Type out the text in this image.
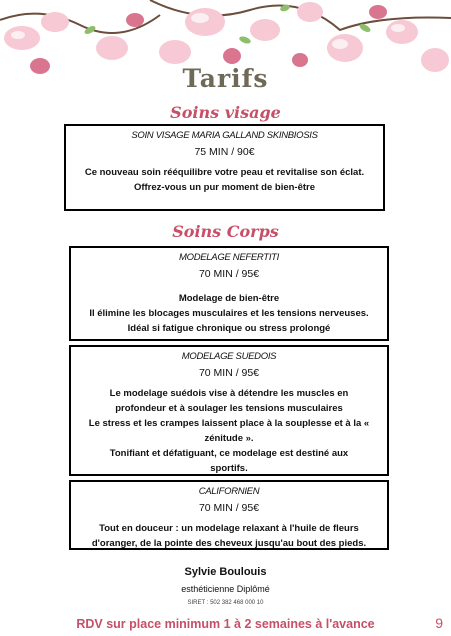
Tarifs
Soins visage
SOIN VISAGE MARIA GALLAND SKINBIOSIS
75 MIN / 90€
Ce nouveau soin rééquilibre votre peau et revitalise son éclat.
Offrez-vous un pur moment de bien-être
Soins Corps
MODELAGE NEFERTITI
70 MIN / 95€
Modelage de bien-être
Il élimine les blocages musculaires et les tensions nerveuses.
Idéal si fatigue chronique ou stress prolongé
MODELAGE SUEDOIS
70 MIN / 95€
Le modelage suédois vise à détendre les muscles en
profondeur et à soulager les tensions musculaires
Le stress et les crampes laissent place à la souplesse et à la «
zénitude ».
Tonifiant et défatiguant, ce modelage est destiné aux
sportifs.
CALIFORNIEN
70 MIN / 95€
Tout en douceur : un modelage relaxant à l'huile de fleurs
d'oranger, de la pointe des cheveux jusqu'au bout des pieds.
Sylvie Boulouis
esthéticienne Diplômé
SIRET : 502 382 468 000 10
RDV sur place minimum 1 à 2 semaines à l'avance	9
